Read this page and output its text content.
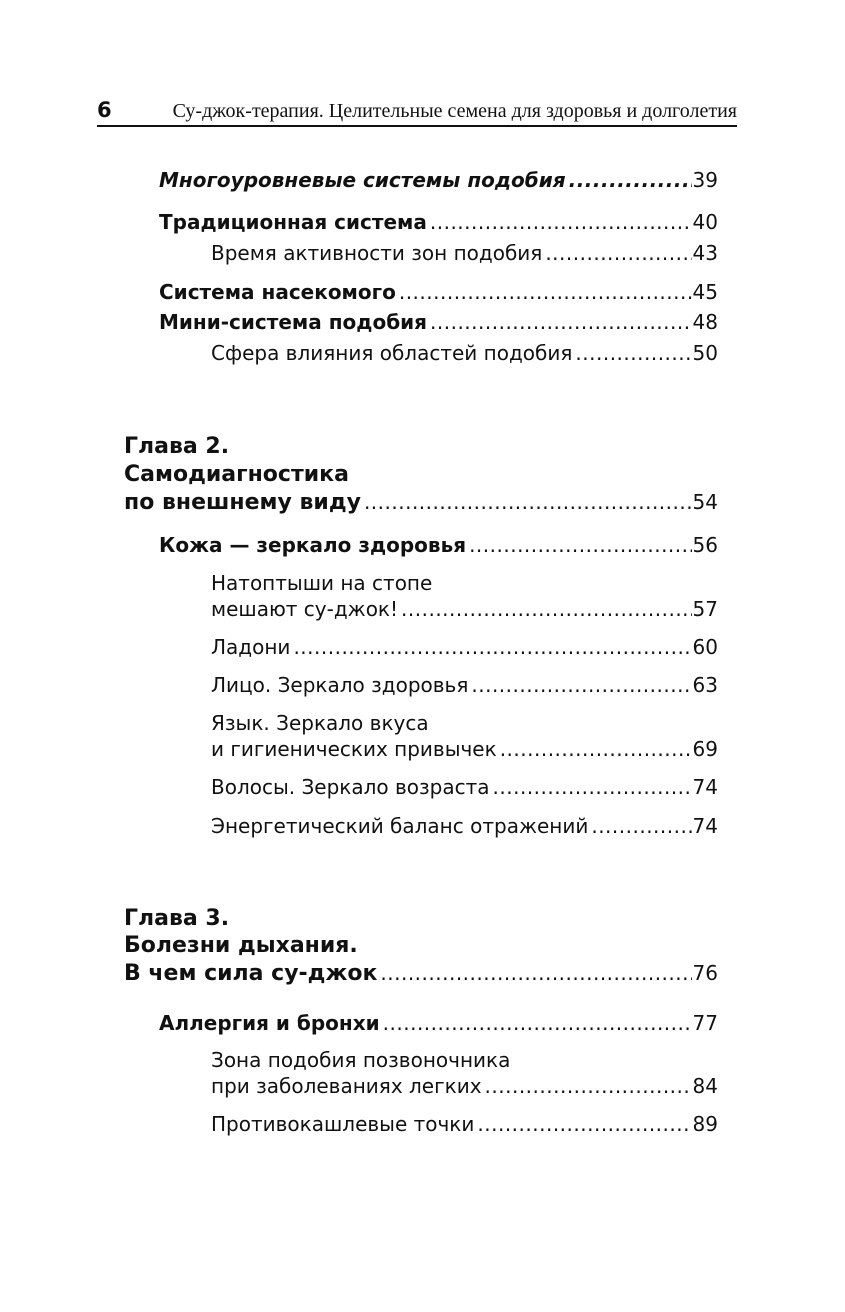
6	Су-джок-терапия. Целительные семена для здоровья и долголетия
Многоуровневые системы подобия .....	39
Традиционная система .....	40
Время активности зон подобия .....	43
Система насекомого .....	45
Мини-система подобия .....	48
Сфера влияния областей подобия .....	50
Глава 2.
Самодиагностика
по внешнему виду .....	54
Кожа — зеркало здоровья .....	56
Натоптыши на стопе
мешают су-джок! .....	57
Ладони .....	60
Лицо. Зеркало здоровья .....	63
Язык. Зеркало вкуса
и гигиенических привычек .....	69
Волосы. Зеркало возраста .....	74
Энергетический баланс отражений .....	74
Глава 3.
Болезни дыхания.
В чем сила су-джок .....	76
Аллергия и бронхи .....	77
Зона подобия позвоночника
при заболеваниях легких .....	84
Противокашлевые точки .....	89
